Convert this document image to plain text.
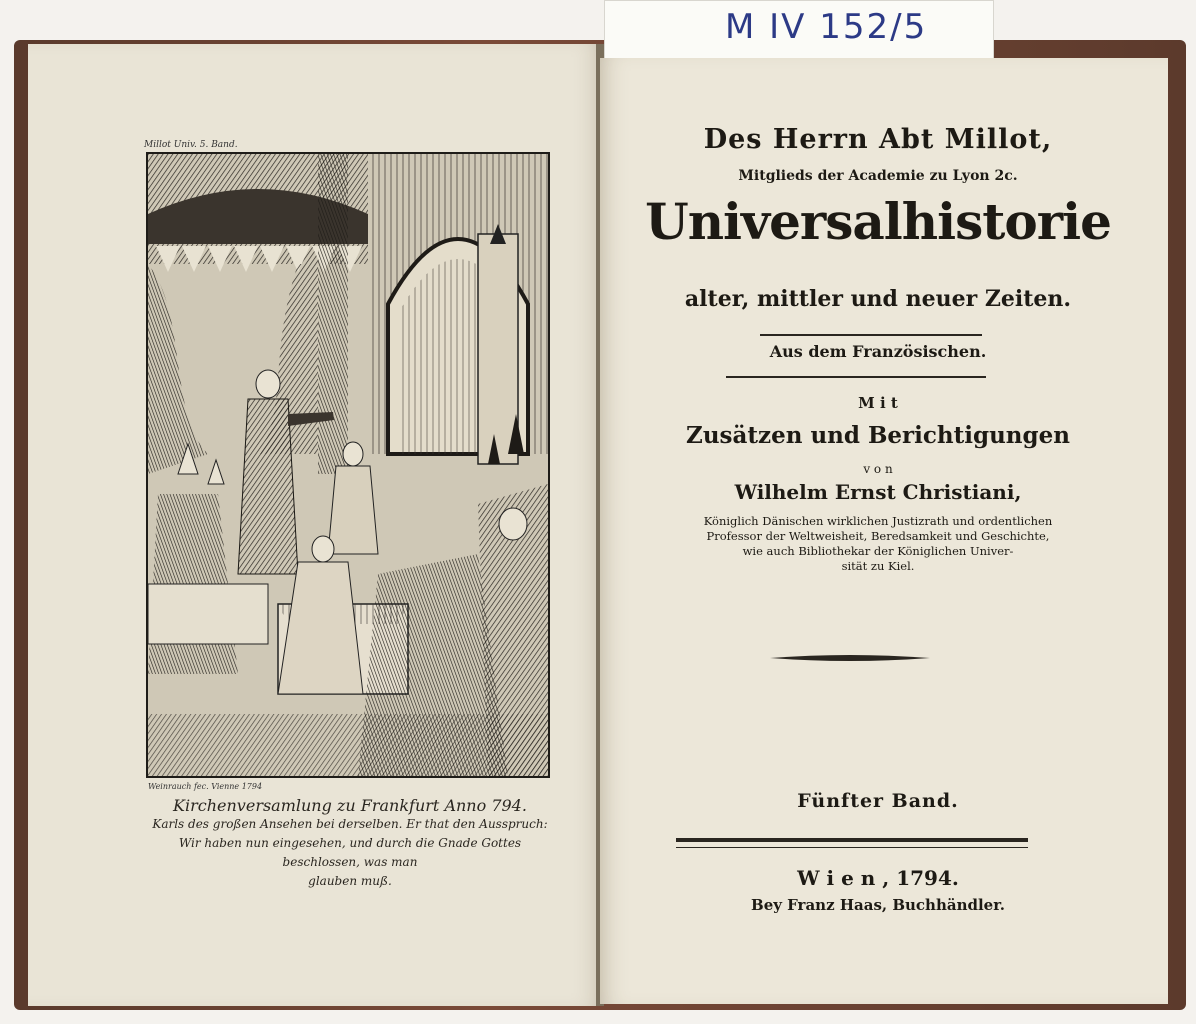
M IV 152/5
Millot Univ. 5. Band.
Weinrauch fec. Vienne 1794
Kirchenversamlung zu Frankfurt Anno 794.
Karls des großen Ansehen bei derselben. Er that den Ausspruch:
Wir haben nun eingesehen, und durch die Gnade Gottes beschlossen, was man
glauben muß.
Des Herrn Abt Millot,
Mitglieds der Academie zu Lyon 2c.
Universalhistorie
alter, mittler und neuer Zeiten.
Aus dem Französischen.
M i t
Zusätzen und Berichtigungen
v o n
Wilhelm Ernst Christiani,
Königlich Dänischen wirklichen Justizrath und ordentlichen
Professor der Weltweisheit, Beredsamkeit und Geschichte,
wie auch Bibliothekar der Königlichen Univer-
sität zu Kiel.
Fünfter Band.
W i e n , 1794.
Bey Franz Haas, Buchhändler.
